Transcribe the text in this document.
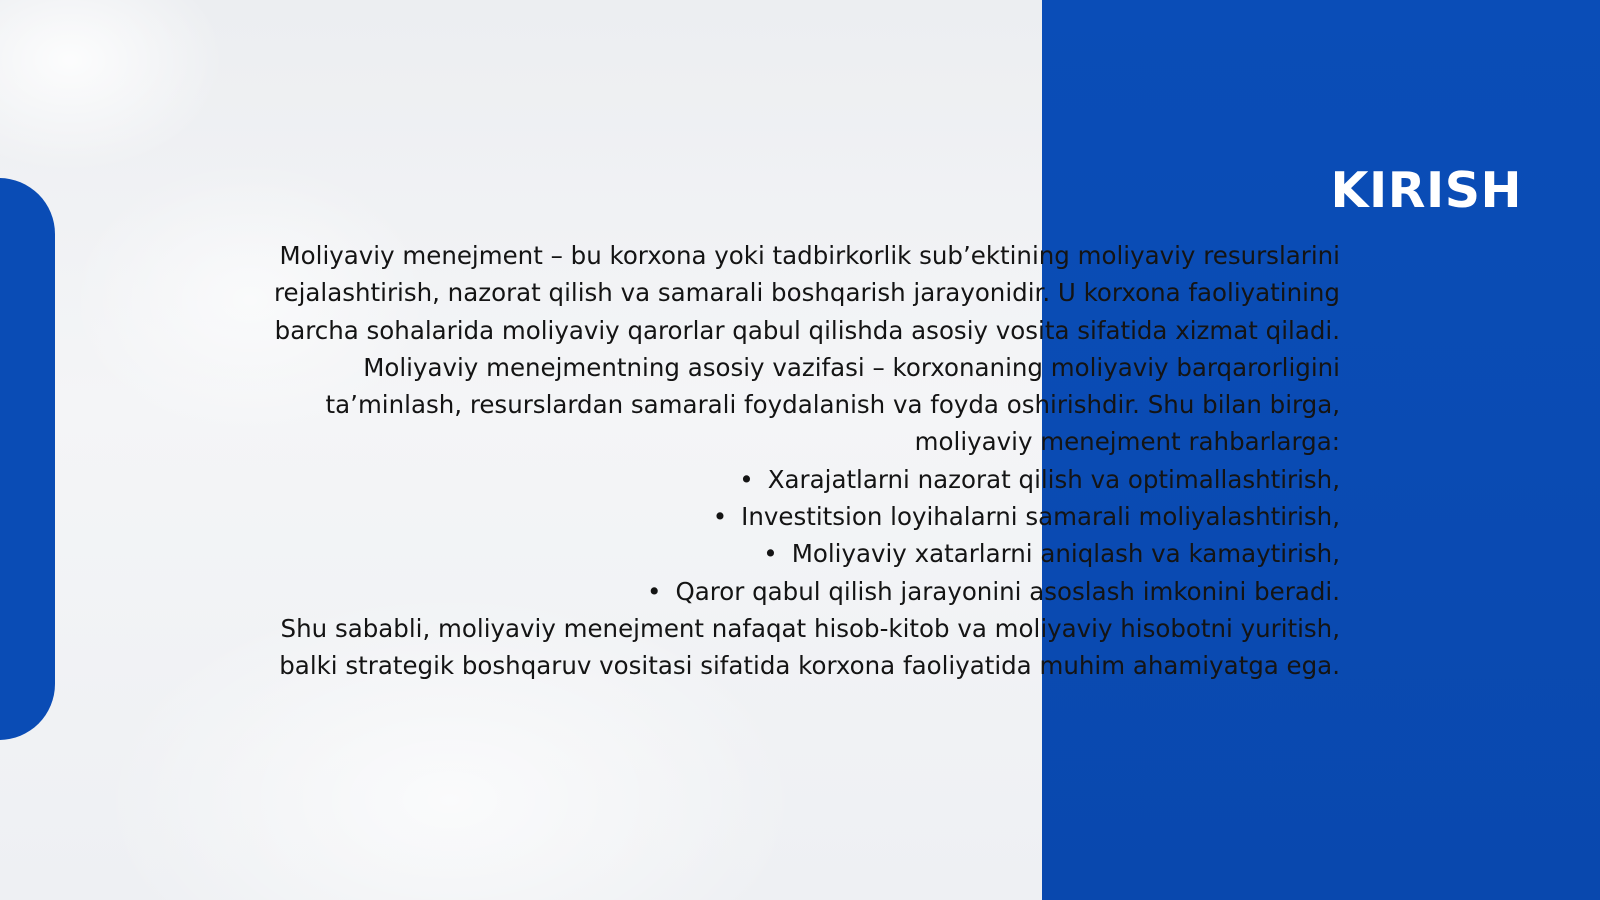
KIRISH

Moliyaviy menejment – bu korxona yoki tadbirkorlik sub’ektining moliyaviy resurslarini rejalashtirish, nazorat qilish va samarali boshqarish jarayonidir. U korxona faoliyatining barcha sohalarida moliyaviy qarorlar qabul qilishda asosiy vosita sifatida xizmat qiladi.

Moliyaviy menejmentning asosiy vazifasi – korxonaning moliyaviy barqarorligini ta’minlash, resurslardan samarali foydalanish va foyda oshirishdir. Shu bilan birga, moliyaviy menejment rahbarlarga:

• Xarajatlarni nazorat qilish va optimallashtirish,
• Investitsion loyihalarni samarali moliyalashtirish,
• Moliyaviy xatarlarni aniqlash va kamaytirish,
• Qaror qabul qilish jarayonini asoslash imkonini beradi.

Shu sababli, moliyaviy menejment nafaqat hisob-kitob va moliyaviy hisobotni yuritish, balki strategik boshqaruv vositasi sifatida korxona faoliyatida muhim ahamiyatga ega.
